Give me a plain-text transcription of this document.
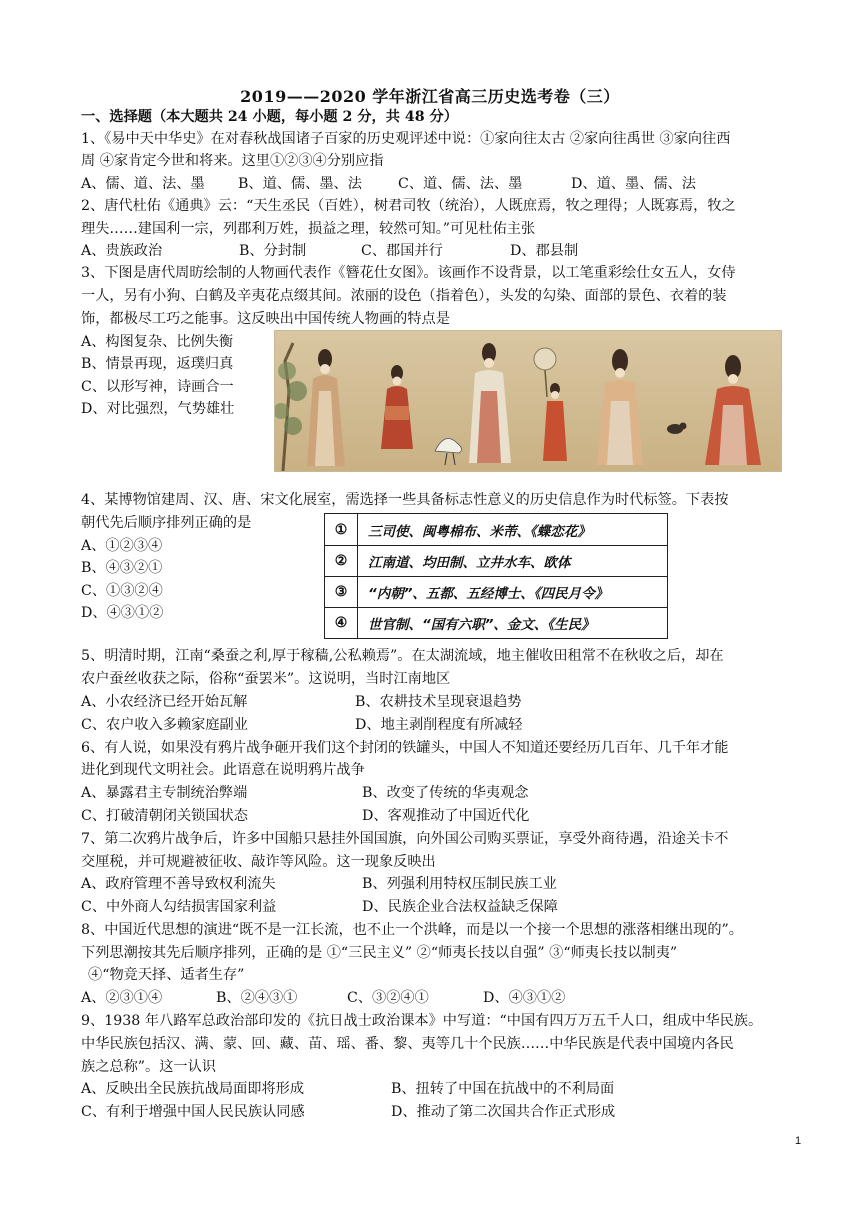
2019——2020 学年浙江省高三历史选考卷（三）
一、选择题（本大题共 24 小题，每小题 2 分，共 48 分）
1、《易中天中华史》在对春秋战国诸子百家的历史观评述中说：①家向往太古 ②家向往禹世 ③家向往西
周 ④家肯定今世和将来。这里①②③④分别应指
A、儒、道、法、墨 B、道、儒、墨、法	C、道、儒、法、墨	D、道、墨、儒、法
2、唐代杜佑《通典》云：“天生丞民（百姓），树君司牧（统治），人既庶焉，牧之理得；人既寡焉，牧之
理失……建国利一宗，列郡利万姓，损益之理，较然可知。”可见杜佑主张
A、贵族政治	B、分封制	C、郡国并行	D、郡县制
3、下图是唐代周昉绘制的人物画代表作《簪花仕女图》。该画作不设背景，以工笔重彩绘仕女五人，女侍
一人，另有小狗、白鹤及辛夷花点缀其间。浓丽的设色（指着色），头发的勾染、面部的景色、衣着的装
饰，都极尽工巧之能事。这反映出中国传统人物画的特点是
A、构图复杂、比例失衡
B、情景再现，返璞归真
C、以形写神，诗画合一
D、对比强烈，气势雄壮
4、某博物馆建周、汉、唐、宋文化展室，需选择一些具备标志性意义的历史信息作为时代标签。下表按
朝代先后顺序排列正确的是
A、①②③④
B、④③②①
C、①③②④
D、④③①②
①	三司使、闽粤棉布、米芾、《蝶恋花》
②	江南道、均田制、立井水车、欧体
③	“内朝”、五都、五经博士、《四民月令》
④	世官制、“国有六职”、金文、《生民》
5、明清时期，江南“桑蚕之利,厚于稼穑,公私赖焉”。在太湖流域，地主催收田租常不在秋收之后，却在
农户蚕丝收获之际，俗称“蚕罢米”。这说明，当时江南地区
A、小农经济已经开始瓦解	B、农耕技术呈现衰退趋势
C、农户收入多赖家庭副业	D、地主剥削程度有所减轻
6、有人说，如果没有鸦片战争砸开我们这个封闭的铁罐头，中国人不知道还要经历几百年、几千年才能
进化到现代文明社会。此语意在说明鸦片战争
A、暴露君主专制统治弊端	B、改变了传统的华夷观念
C、打破清朝闭关锁国状态	D、客观推动了中国近代化
7、第二次鸦片战争后，许多中国船只悬挂外国国旗，向外国公司购买票证，享受外商待遇，沿途关卡不
交厘税，并可规避被征收、敲诈等风险。这一现象反映出
A、政府管理不善导致权利流失	B、列强利用特权压制民族工业
C、中外商人勾结损害国家利益	D、民族企业合法权益缺乏保障
8、中国近代思想的演进“既不是一江长流，也不止一个洪峰，而是以一个接一个思想的涨落相继出现的”。
下列思潮按其先后顺序排列，正确的是 ①“三民主义” ②“师夷长技以自强” ③“师夷长技以制夷”
④“物竞天择、适者生存”
A、②③①④	B、②④③①	C、③②④①	D、④③①②
9、1938 年八路军总政治部印发的《抗日战士政治课本》中写道：“中国有四万万五千人口，组成中华民族。
中华民族包括汉、满、蒙、回、藏、苗、瑶、番、黎、夷等几十个民族……中华民族是代表中国境内各民
族之总称”。这一认识
A、反映出全民族抗战局面即将形成	B、扭转了中国在抗战中的不利局面
C、有利于增强中国人民民族认同感	D、推动了第二次国共合作正式形成
1
